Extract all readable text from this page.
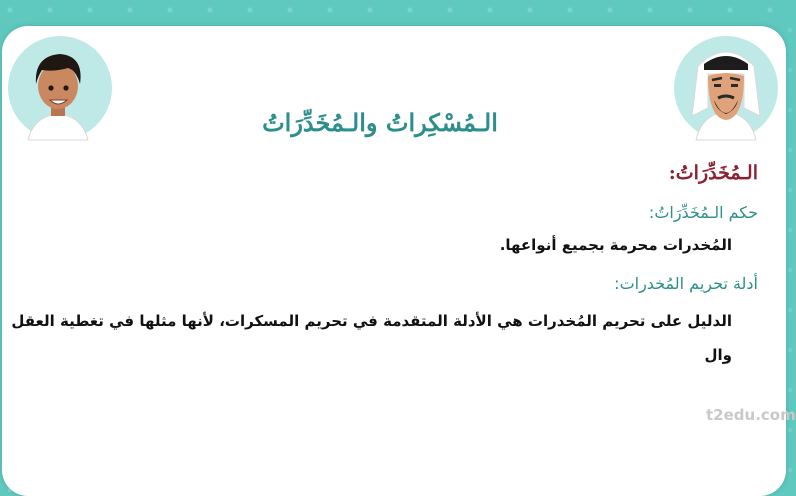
الـمُسْكِراتُ والـمُخَدِّرَاتُ
الـمُخَدِّرَاتُ:
حكم الـمُخَدِّرَاتُ:
المُخدرات محرمة بجميع أنواعها.
أدلة تحريم المُخدرات:
الدليل على تحريم المُخدرات هي الأدلة المتقدمة في تحريم المسكرات، لأنها مثلها في تغطية العقل
وال
t2edu.com
